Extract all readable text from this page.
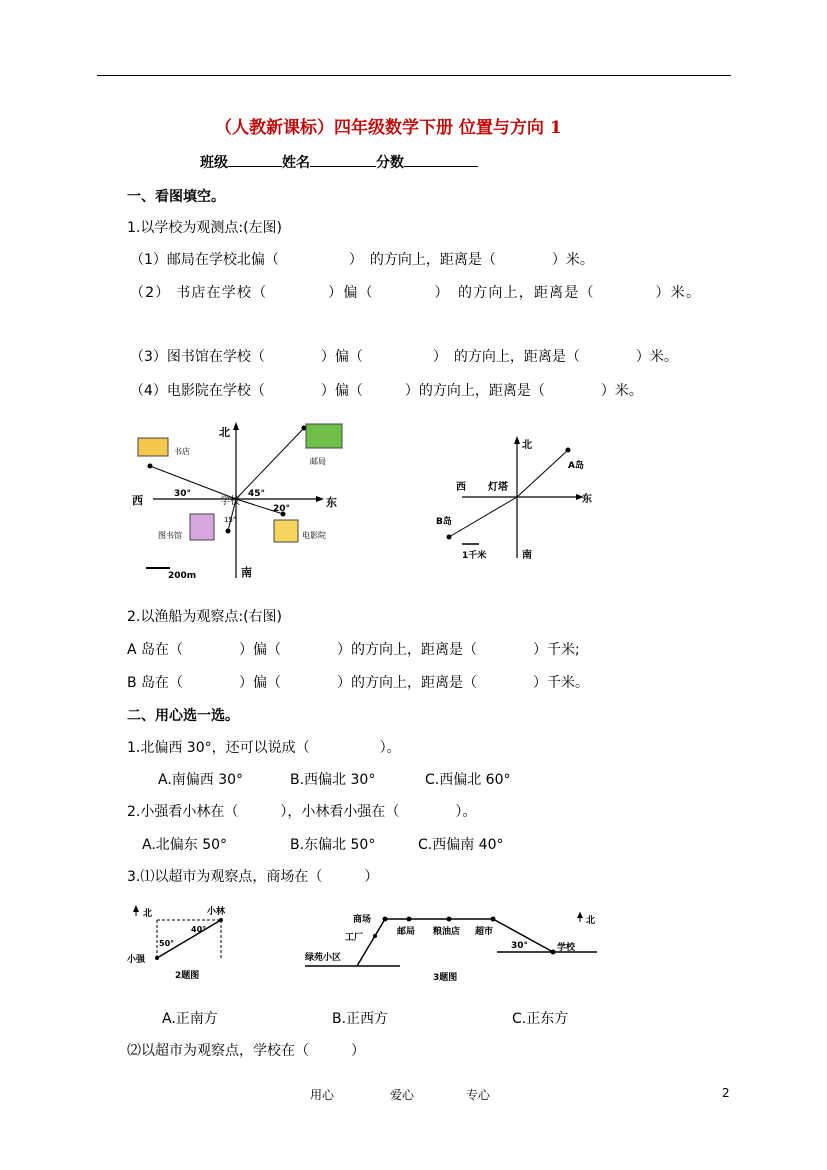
（人教新课标）四年级数学下册 位置与方向 1
班级	姓名	分数
一、看图填空。
1.以学校为观测点:(左图)
（1）邮局在学校北偏（　　　　　）　的方向上，距离是（　　　　）米。
（2） 书店在学校（　　　　）偏（　　　　）　的方向上，距离是（　　　　）米。
（3）图书馆在学校（　　　　）偏（　　　　　）　的方向上，距离是（　　　　）米。
（4）电影院在学校（　　　　）偏（　　　）的方向上，距离是（　　　　）米。
北
南
西	东
学校
邮局
书店
图书馆	电影院
30°	45°
20°
15°
200m
北
南
西
东
灯塔
A岛
B岛
1千米
2.以渔船为观察点:(右图)
A 岛在（　　　　）偏（　　　　）的方向上，距离是（　　　　）千米;
B 岛在（　　　　）偏（　　　　）的方向上，距离是（　　　　）千米。
二、用心选一选。
1.北偏西 30°，还可以说成（　　　　　）。
A.南偏西 30°	B.西偏北 30°	C.西偏北 60°
2.小强看小林在（　　　），小林看小强在（　　　　）。
A.北偏东 50°	B.东偏北 50°	C.西偏南 40°
3.⑴以超市为观察点，商场在（　　　）
北	小林
小强
40°
50°
2题图
商场
工厂
邮局 粮油店 超市
学校
绿苑小区
30°
北
3题图
A.正南方	B.正西方	C.正东方
⑵以超市为观察点，学校在（　　　）
用心	爱心	专心	2
